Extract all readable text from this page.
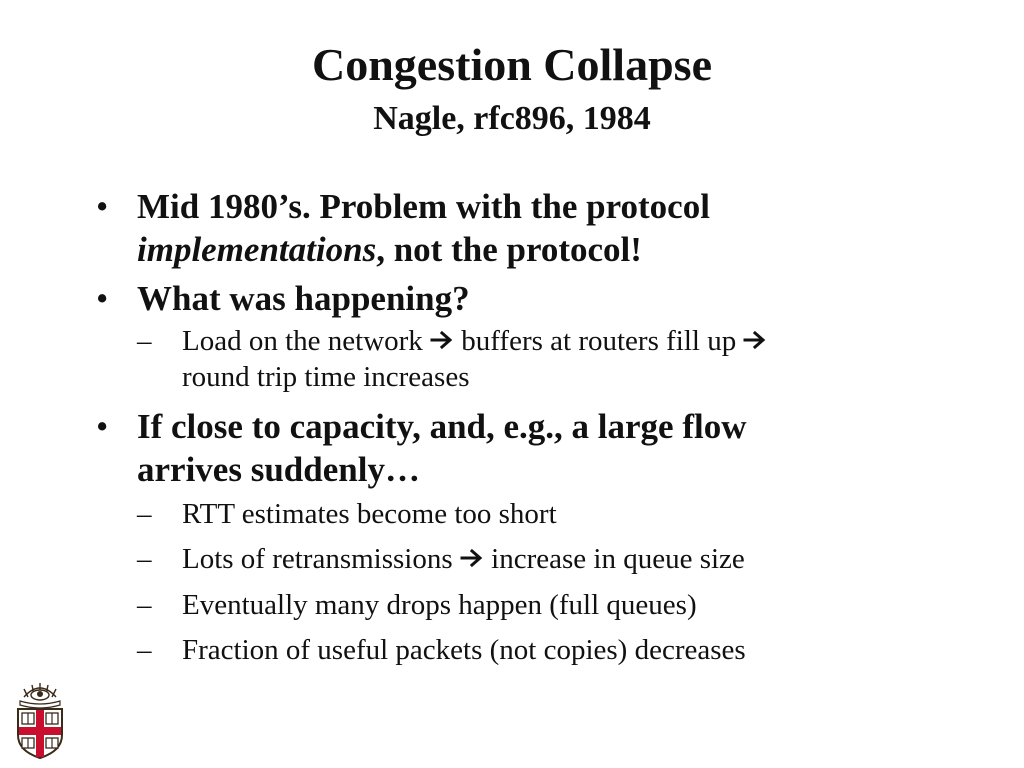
Congestion Collapse
Nagle, rfc896, 1984
• Mid 1980’s. Problem with the protocol
implementations, not the protocol!
• What was happening?
– Load on the network  buffers at routers fill up
round trip time increases
• If close to capacity, and, e.g., a large flow
arrives suddenly…
– RTT estimates become too short
– Lots of retransmissions  increase in queue size
– Eventually many drops happen (full queues)
– Fraction of useful packets (not copies) decreases
